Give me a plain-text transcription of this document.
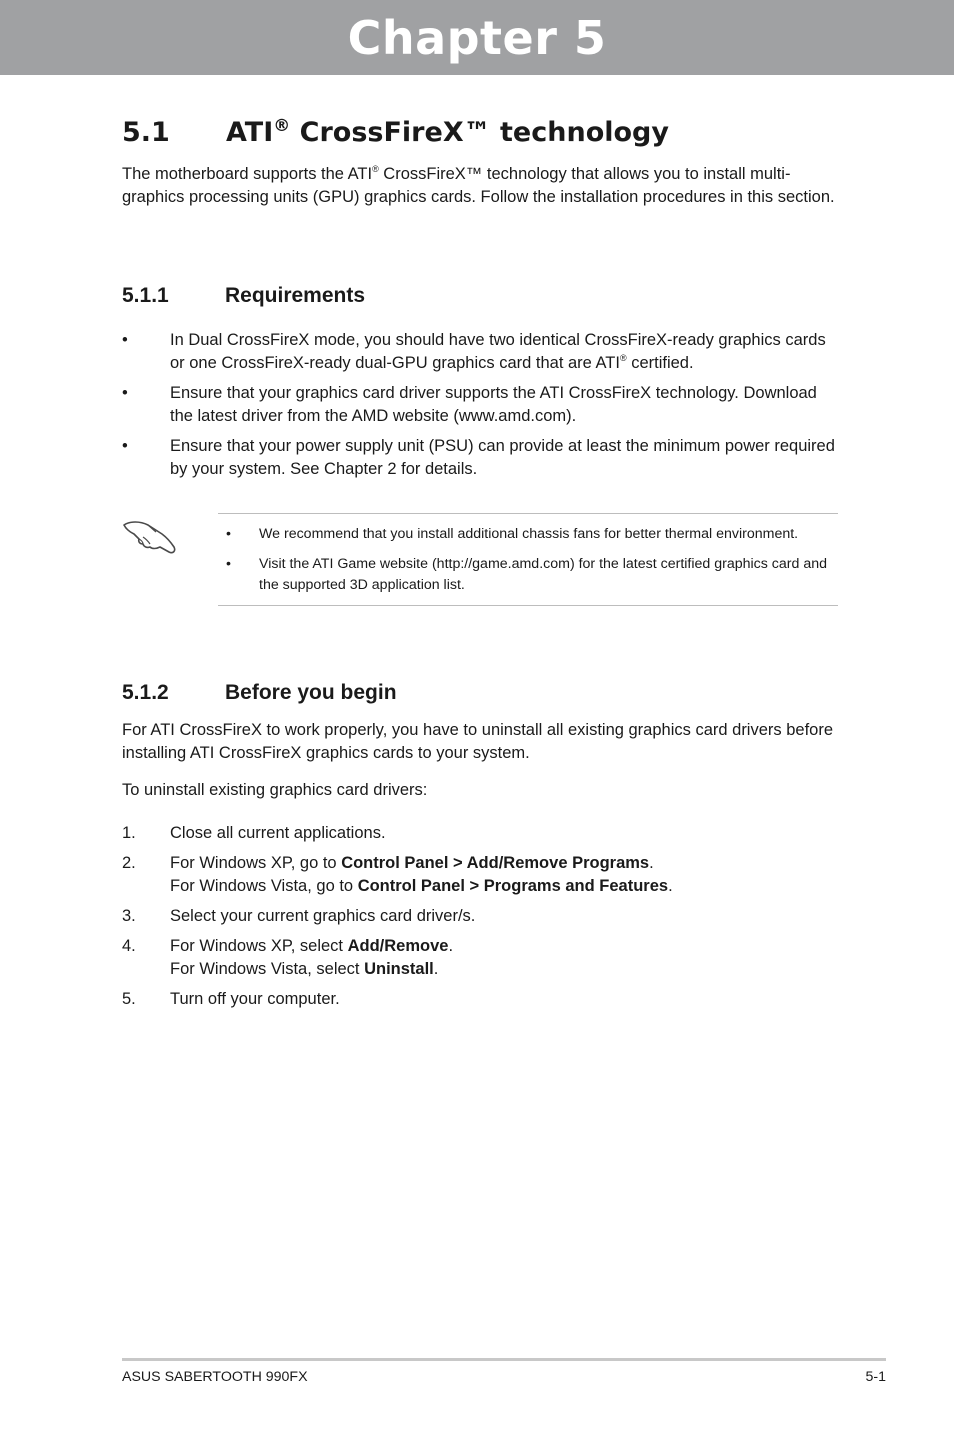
Chapter 5
5.1 ATI® CrossFireX™ technology

The motherboard supports the ATI® CrossFireX™ technology that allows you to install multi-graphics processing units (GPU) graphics cards. Follow the installation procedures in this section.

5.1.1	Requirements
•	In Dual CrossFireX mode, you should have two identical CrossFireX-ready graphics cards or one CrossFireX-ready dual-GPU graphics card that are ATI® certified.
•	Ensure that your graphics card driver supports the ATI CrossFireX technology. Download the latest driver from the AMD website (www.amd.com).
•	Ensure that your power supply unit (PSU) can provide at least the minimum power required by your system. See Chapter 2 for details.
• We recommend that you install additional chassis fans for better thermal environment.
• Visit the ATI Game website (http://game.amd.com) for the latest certified graphics card and the supported 3D application list.
5.1.2	Before you begin

For ATI CrossFireX to work properly, you have to uninstall all existing graphics card drivers before installing ATI CrossFireX graphics cards to your system.

To uninstall existing graphics card drivers:

1. Close all current applications.
2. For Windows XP, go to Control Panel > Add/Remove Programs.
For Windows Vista, go to Control Panel > Programs and Features.
3. Select your current graphics card driver/s.
4. For Windows XP, select Add/Remove.
For Windows Vista, select Uninstall.
5. Turn off your computer.
ASUS SABERTOOTH 990FX	5-1
